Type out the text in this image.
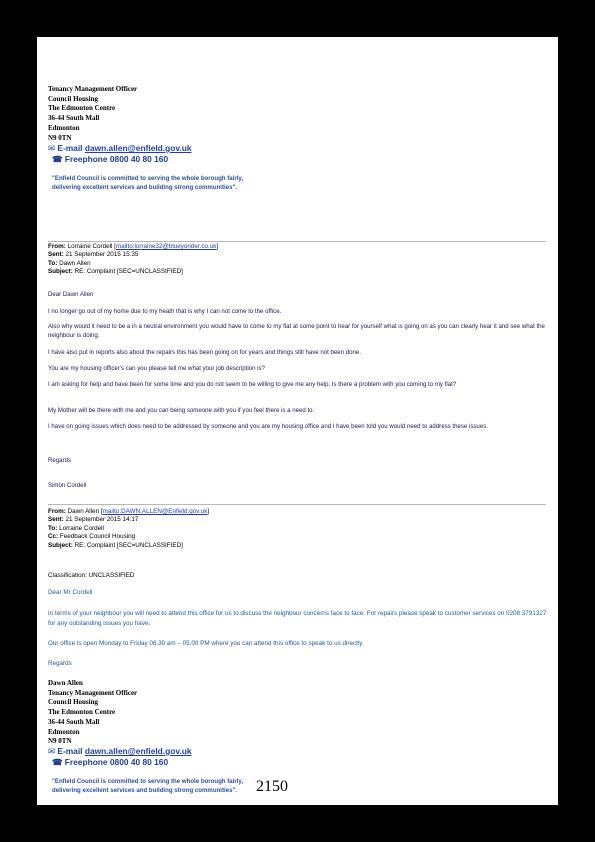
Tenancy Management Officer
Council Housing
The Edmonton Centre
36-44 South Mall
Edmonton
N9 0TN
✉ E-mail dawn.allen@enfield.gov.uk
☎ Freephone 0800 40 80 160
"Enfield Council is committed to serving the whole borough fairly,
delivering excellent services and building strong communities".
From: Lorraine Cordell [mailto:lorraine32@blueyonder.co.uk]
Sent: 21 September 2015 15:35
To: Dawn Allen
Subject: RE: Complaint [SEC=UNCLASSIFIED]
Dear Dawn Allen
I no longer go out of my home due to my heath that is why I can not come to the office.
Also why would it need to be a in a neutral environment you would have to come to my flat at some point to hear for yourself what is going on as you can clearly hear it and see what the neighbour is doing.
I have also put in reports also about the repairs this has been going on for years and things still have not been done.
You are my housing officer's can you please tell me what your job description is?
I am asking for help and have been for some time and you do not seem to be willing to give me any help. Is there a problem with you coming to my flat?
My Mother will be there with me and you can being someone with you if you feel there is a need to.
I have on going issues which does need to be addressed by someone and you are my housing office and I have been told you would need to address these issues.
Regards
Simon Cordell
From: Dawn Allen [mailto:DAWN.ALLEN@Enfield.gov.uk]
Sent: 21 September 2015 14:17
To: Lorraine Cordell
Cc: Feedback Council Housing
Subject: RE: Complaint [SEC=UNCLASSIFIED]
Classification: UNCLASSIFIED
Dear Mr Cordell
In terms of your neighbour you will need to attend this office for us to discuss the neighbour concerns face to face. For repairs please speak to customer services on 0208 3791327 for any outstanding issues you have.
Our office is open Monday to Friday 08.30 am – 05.00 PM where you can attend this office to speak to us directly.
Regards
Dawn Allen
Tenancy Management Officer
Council Housing
The Edmonton Centre
36-44 South Mall
Edmonton
N9 0TN
✉ E-mail dawn.allen@enfield.gov.uk
☎ Freephone 0800 40 80 160
"Enfield Council is committed to serving the whole borough fairly,
delivering excellent services and building strong communities".	2150
